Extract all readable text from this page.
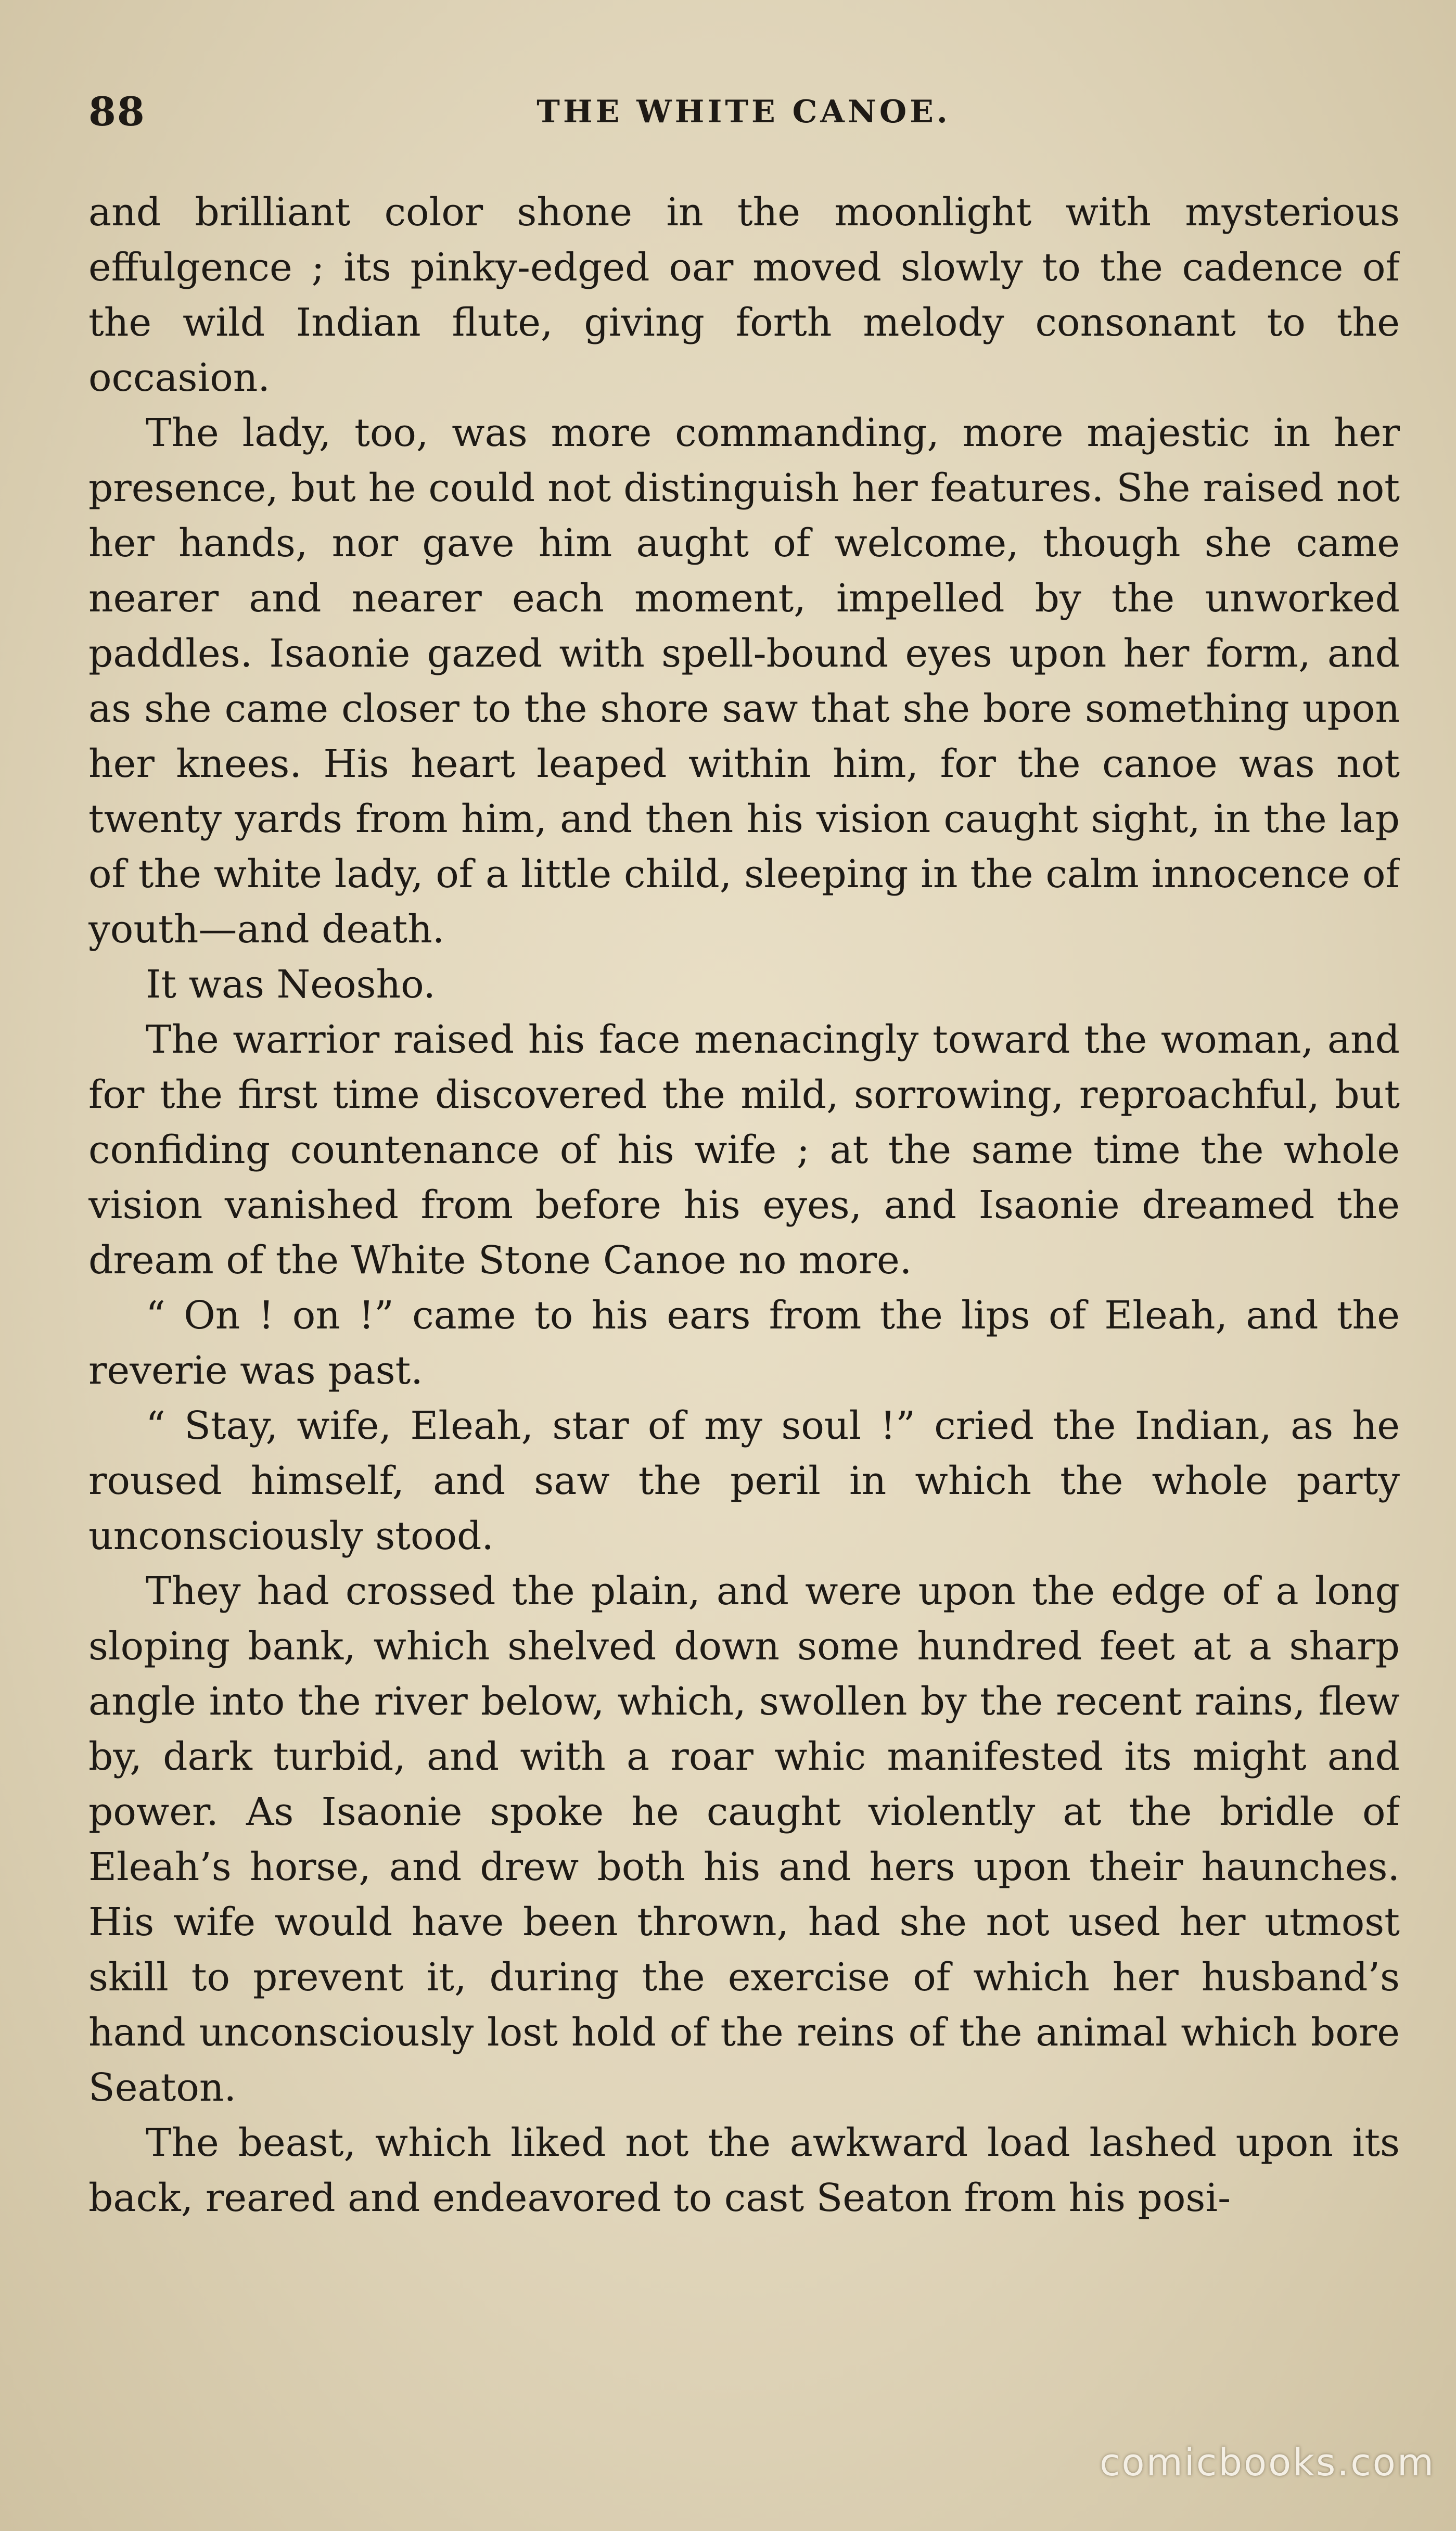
88	THE WHITE CANOE.

and brilliant color shone in the moonlight with mysterious effulgence ; its pinky-edged oar moved slowly to the cadence of the wild Indian flute, giving forth melody consonant to the occasion.

The lady, too, was more commanding, more majestic in her presence, but he could not distinguish her features. She raised not her hands, nor gave him aught of welcome, though she came nearer and nearer each moment, impelled by the unworked paddles. Isaonie gazed with spell-bound eyes upon her form, and as she came closer to the shore saw that she bore something upon her knees. His heart leaped within him, for the canoe was not twenty yards from him, and then his vision caught sight, in the lap of the white lady, of a little child, sleeping in the calm innocence of youth—and death.

It was Neosho.

The warrior raised his face menacingly toward the woman, and for the first time discovered the mild, sorrowing, reproachful, but confiding countenance of his wife ; at the same time the whole vision vanished from before his eyes, and Isaonie dreamed the dream of the White Stone Canoe no more.

“ On ! on !” came to his ears from the lips of Eleah, and the reverie was past.

“ Stay, wife, Eleah, star of my soul !” cried the Indian, as he roused himself, and saw the peril in which the whole party unconsciously stood.

They had crossed the plain, and were upon the edge of a long sloping bank, which shelved down some hundred feet at a sharp angle into the river below, which, swollen by the recent rains, flew by, dark turbid, and with a roar whic manifested its might and power. As Isaonie spoke he caught violently at the bridle of Eleah’s horse, and drew both his and hers upon their haunches. His wife would have been thrown, had she not used her utmost skill to prevent it, during the exercise of which her husband’s hand unconsciously lost hold of the reins of the animal which bore Seaton.

The beast, which liked not the awkward load lashed upon its back, reared and endeavored to cast Seaton from his posi-

comicbooks.com
